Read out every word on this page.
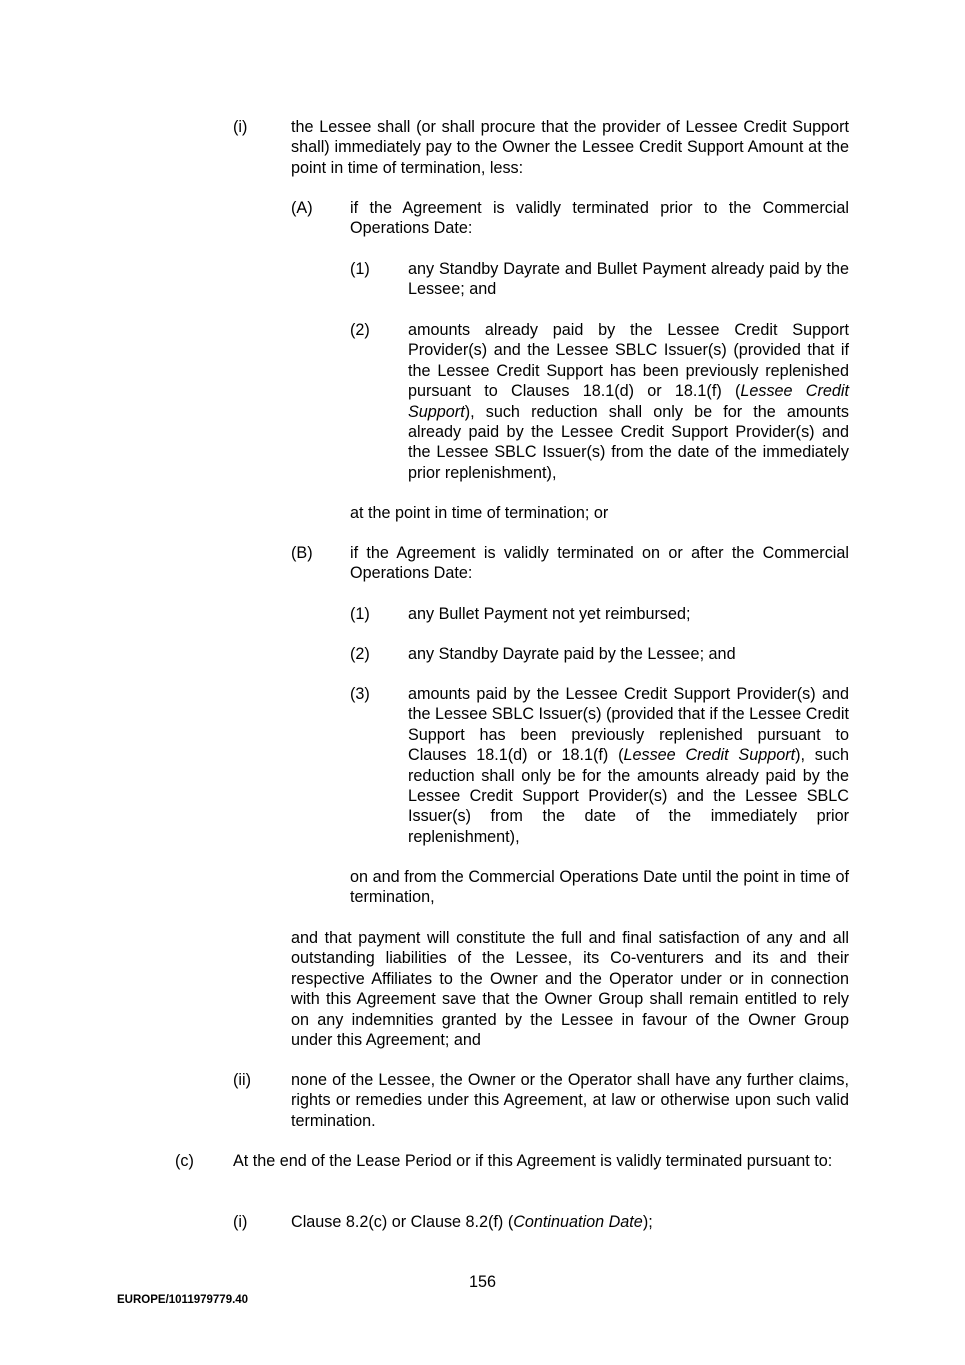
(i)	the Lessee shall (or shall procure that the provider of Lessee Credit Support shall) immediately pay to the Owner the Lessee Credit Support Amount at the point in time of termination, less:
(A) if the Agreement is validly terminated prior to the Commercial Operations Date:
(1) any Standby Dayrate and Bullet Payment already paid by the Lessee; and
(2) amounts already paid by the Lessee Credit Support Provider(s) and the Lessee SBLC Issuer(s) (provided that if the Lessee Credit Support has been previously replenished pursuant to Clauses 18.1(d) or 18.1(f) (Lessee Credit Support), such reduction shall only be for the amounts already paid by the Lessee Credit Support Provider(s) and the Lessee SBLC Issuer(s) from the date of the immediately prior replenishment),
at the point in time of termination; or
(B) if the Agreement is validly terminated on or after the Commercial Operations Date:
(1) any Bullet Payment not yet reimbursed;
(2) any Standby Dayrate paid by the Lessee; and
(3) amounts paid by the Lessee Credit Support Provider(s) and the Lessee SBLC Issuer(s) (provided that if the Lessee Credit Support has been previously replenished pursuant to Clauses 18.1(d) or 18.1(f) (Lessee Credit Support), such reduction shall only be for the amounts already paid by the Lessee Credit Support Provider(s) and the Lessee SBLC Issuer(s) from the date of the immediately prior replenishment),
on and from the Commercial Operations Date until the point in time of termination,
and that payment will constitute the full and final satisfaction of any and all outstanding liabilities of the Lessee, its Co-venturers and its and their respective Affiliates to the Owner and the Operator under or in connection with this Agreement save that the Owner Group shall remain entitled to rely on any indemnities granted by the Lessee in favour of the Owner Group under this Agreement; and
(ii) none of the Lessee, the Owner or the Operator shall have any further claims, rights or remedies under this Agreement, at law or otherwise upon such valid termination.
(c) At the end of the Lease Period or if this Agreement is validly terminated pursuant to:
(i)	Clause 8.2(c) or Clause 8.2(f) (Continuation Date);
156
EUROPE/1011979779.40
